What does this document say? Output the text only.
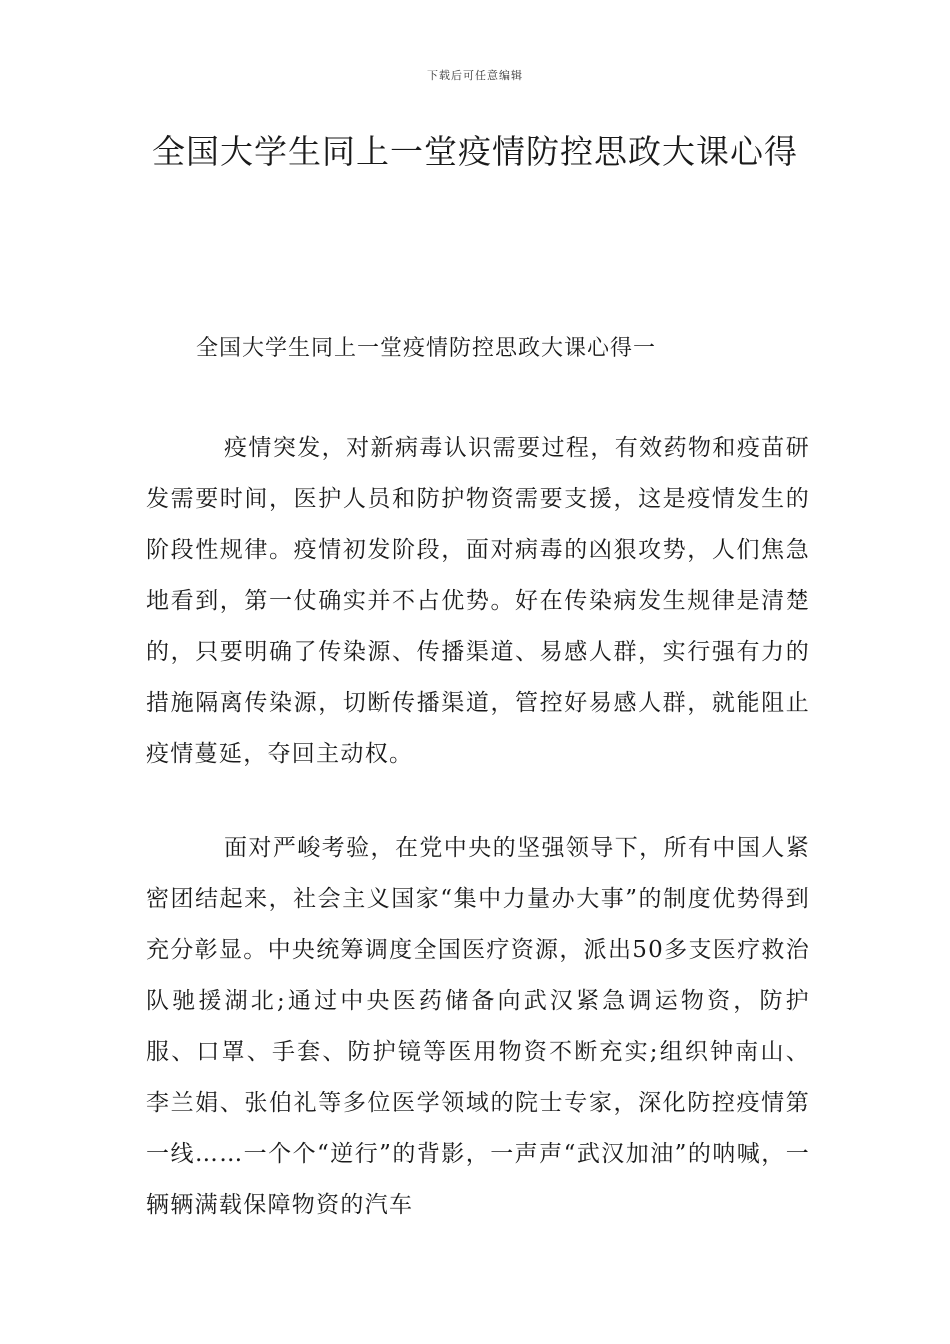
下载后可任意编辑
全国大学生同上一堂疫情防控思政大课心得

全国大学生同上一堂疫情防控思政大课心得一

疫情突发，对新病毒认识需要过程，有效药物和疫苗研发需要时间，医护人员和防护物资需要支援，这是疫情发生的阶段性规律。疫情初发阶段，面对病毒的凶狠攻势，人们焦急地看到，第一仗确实并不占优势。好在传染病发生规律是清楚的，只要明确了传染源、传播渠道、易感人群，实行强有力的措施隔离传染源，切断传播渠道，管控好易感人群，就能阻止疫情蔓延，夺回主动权。

面对严峻考验，在党中央的坚强领导下，所有中国人紧密团结起来，社会主义国家“集中力量办大事”的制度优势得到充分彰显。中央统筹调度全国医疗资源，派出50多支医疗救治队驰援湖北;通过中央医药储备向武汉紧急调运物资，防护服、口罩、手套、防护镜等医用物资不断充实;组织钟南山、李兰娟、张伯礼等多位医学领域的院士专家，深化防控疫情第一线……一个个“逆行”的背影，一声声“武汉加油”的呐喊，一辆辆满载保障物资的汽车
